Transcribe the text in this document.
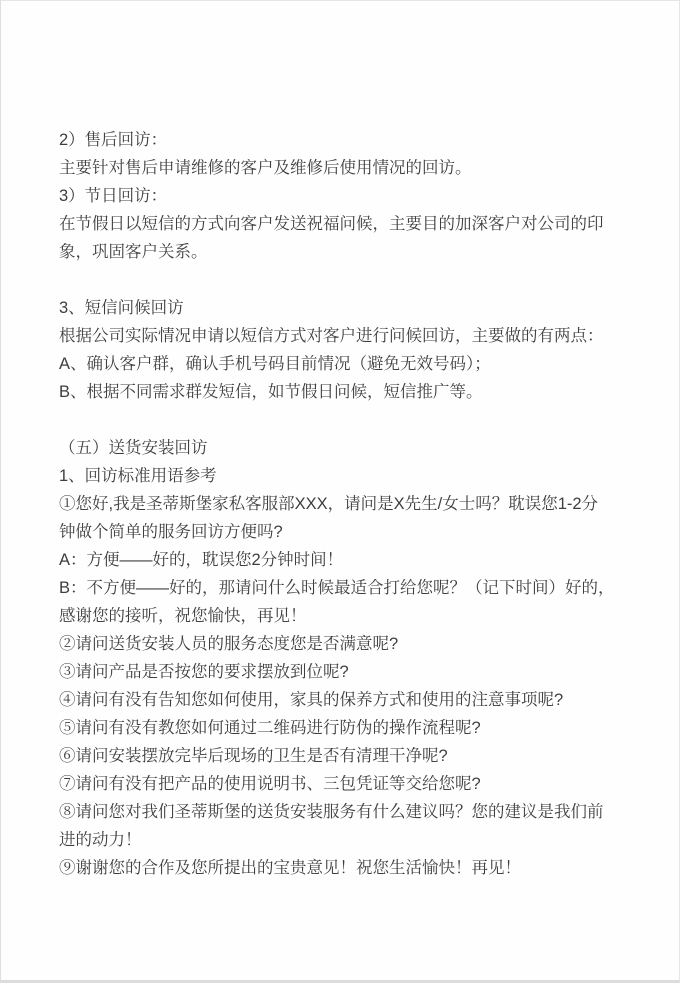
2）售后回访：

主要针对售后申请维修的客户及维修后使用情况的回访。

3）节日回访：

在节假日以短信的方式向客户发送祝福问候，主要目的加深客户对公司的印

象，巩固客户关系。

3、短信问候回访

根据公司实际情况申请以短信方式对客户进行问候回访，主要做的有两点：

A、确认客户群，确认手机号码目前情况（避免无效号码）；

B、根据不同需求群发短信，如节假日问候，短信推广等。

（五）送货安装回访

1、回访标准用语参考

①您好,我是圣蒂斯堡家私客服部XXX，请问是X先生/女士吗？耽误您1-2分

钟做个简单的服务回访方便吗?

A：方便——好的，耽误您2分钟时间！

B：不方便——好的，那请问什么时候最适合打给您呢？（记下时间）好的，

感谢您的接听，祝您愉快，再见！

②请问送货安装人员的服务态度您是否满意呢?

③请问产品是否按您的要求摆放到位呢?

④请问有没有告知您如何使用，家具的保养方式和使用的注意事项呢?

⑤请问有没有教您如何通过二维码进行防伪的操作流程呢?

⑥请问安装摆放完毕后现场的卫生是否有清理干净呢?

⑦请问有没有把产品的使用说明书、三包凭证等交给您呢?

⑧请问您对我们圣蒂斯堡的送货安装服务有什么建议吗？您的建议是我们前

进的动力！

⑨谢谢您的合作及您所提出的宝贵意见！祝您生活愉快！再见！
